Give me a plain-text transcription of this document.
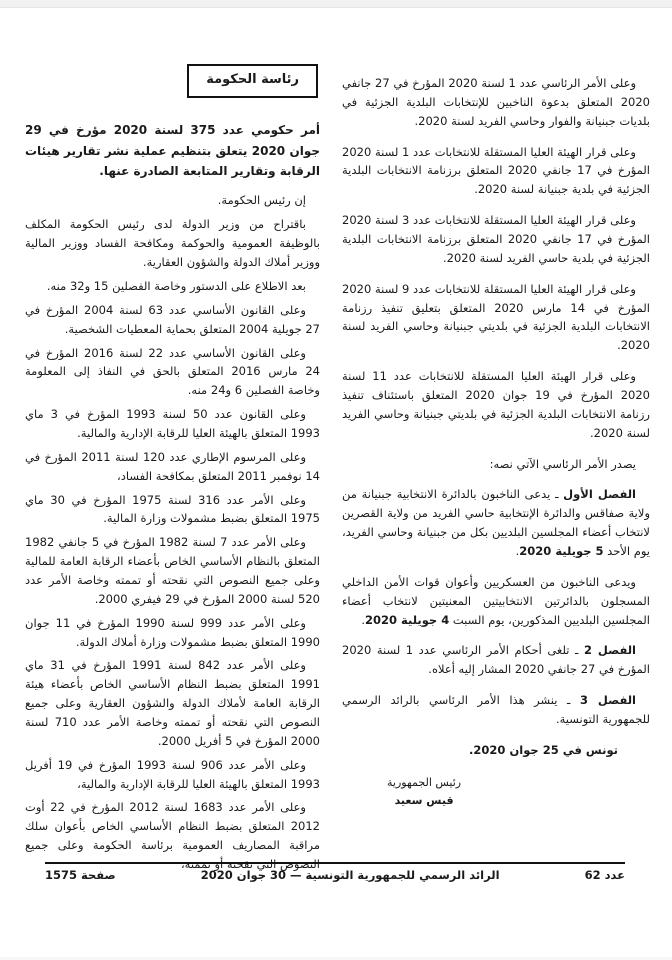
وعلى الأمر الرئاسي عدد 1 لسنة 2020 المؤرخ في 27 جانفي 2020 المتعلق بدعوة الناخبين للإنتخابات البلدية الجزئية في بلديات جبنيانة والفوار وحاسي الفريد لسنة 2020.
وعلى قرار الهيئة العليا المستقلة للانتخابات عدد 1 لسنة 2020 المؤرخ في 17 جانفي 2020 المتعلق برزنامة الانتخابات البلدية الجزئية في بلدية جبنيانة لسنة 2020.
وعلى قرار الهيئة العليا المستقلة للانتخابات عدد 3 لسنة 2020 المؤرخ في 17 جانفي 2020 المتعلق برزنامة الانتخابات البلدية الجزئية في بلدية حاسي الفريد لسنة 2020.
وعلى قرار الهيئة العليا المستقلة للانتخابات عدد 9 لسنة 2020 المؤرخ في 14 مارس 2020 المتعلق بتعليق تنفيذ رزنامة الانتخابات البلدية الجزئية في بلديتي جبنيانة وحاسي الفريد لسنة 2020.
وعلى قرار الهيئة العليا المستقلة للانتخابات عدد 11 لسنة 2020 المؤرخ في 19 جوان 2020 المتعلق باستئناف تنفيذ رزنامة الانتخابات البلدية الجزئية في بلديتي جبنيانة وحاسي الفريد لسنة 2020.
يصدر الأمر الرئاسي الآتي نصه:
الفصل الأول ـ يدعى الناخبون بالدائرة الانتخابية جبنيانة من ولاية صفاقس والدائرة الإنتخابية حاسي الفريد من ولاية القصرين لانتخاب أعضاء المجلسين البلديين بكل من جبنيانة وحاسي الفريد، يوم الأحد 5 جويلية 2020.
ويدعى الناخبون من العسكريين وأعوان قوات الأمن الداخلي المسجلون بالدائرتين الانتخابيتين المعنيتين لانتخاب أعضاء المجلسين البلديين المذكورين، يوم السبت 4 جويلية 2020.
الفصل 2 ـ تلغى أحكام الأمر الرئاسي عدد 1 لسنة 2020 المؤرخ في 27 جانفي 2020 المشار إليه أعلاه.
الفصل 3 ـ ينشر هذا الأمر الرئاسي بالرائد الرسمي للجمهورية التونسية.
تونس في 25 جوان 2020.
رئيس الجمهورية
قيس سعيد
رئاسة الحكومة
أمر حكومي عدد 375 لسنة 2020 مؤرخ في 29 جوان 2020 يتعلق بتنظيم عملية نشر تقارير هيئات الرقابة وتقارير المتابعة الصادرة عنها.
إن رئيس الحكومة.
باقتراح من وزير الدولة لدى رئيس الحكومة المكلف بالوظيفة العمومية والحوكمة ومكافحة الفساد ووزير المالية ووزير أملاك الدولة والشؤون العقارية.
بعد الاطلاع على الدستور وخاصة الفصلين 15 و32 منه.
وعلى القانون الأساسي عدد 63 لسنة 2004 المؤرخ في 27 جويلية 2004 المتعلق بحماية المعطيات الشخصية.
وعلى القانون الأساسي عدد 22 لسنة 2016 المؤرخ في 24 مارس 2016 المتعلق بالحق في النفاذ إلى المعلومة وخاصة الفصلين 6 و24 منه.
وعلى القانون عدد 50 لسنة 1993 المؤرخ في 3 ماي 1993 المتعلق بالهيئة العليا للرقابة الإدارية والمالية.
وعلى المرسوم الإطاري عدد 120 لسنة 2011 المؤرخ في 14 نوفمبر 2011 المتعلق بمكافحة الفساد،
وعلى الأمر عدد 316 لسنة 1975 المؤرخ في 30 ماي 1975 المتعلق بضبط مشمولات وزارة المالية.
وعلى الأمر عدد 7 لسنة 1982 المؤرخ في 5 جانفي 1982 المتعلق بالنظام الأساسي الخاص بأعضاء الرقابة العامة للمالية وعلى جميع النصوص التي نقحته أو تممته وخاصة الأمر عدد 520 لسنة 2000 المؤرخ في 29 فيفري 2000.
وعلى الأمر عدد 999 لسنة 1990 المؤرخ في 11 جوان 1990 المتعلق بضبط مشمولات وزارة أملاك الدولة.
وعلى الأمر عدد 842 لسنة 1991 المؤرخ في 31 ماي 1991 المتعلق بضبط النظام الأساسي الخاص بأعضاء هيئة الرقابة العامة لأملاك الدولة والشؤون العقارية وعلى جميع النصوص التي نقحته أو تممته وخاصة الأمر عدد 710 لسنة 2000 المؤرخ في 5 أفريل 2000.
وعلى الأمر عدد 906 لسنة 1993 المؤرخ في 19 أفريل 1993 المتعلق بالهيئة العليا للرقابة الإدارية والمالية،
وعلى الأمر عدد 1683 لسنة 2012 المؤرخ في 22 أوت 2012 المتعلق بضبط النظام الأساسي الخاص بأعوان سلك مراقبة المصاريف العمومية برئاسة الحكومة وعلى جميع النصوص التي نقحته أو تممته،
عدد 62
الرائد الرسمي للجمهورية التونسية — 30 جوان 2020
صفحة 1575
